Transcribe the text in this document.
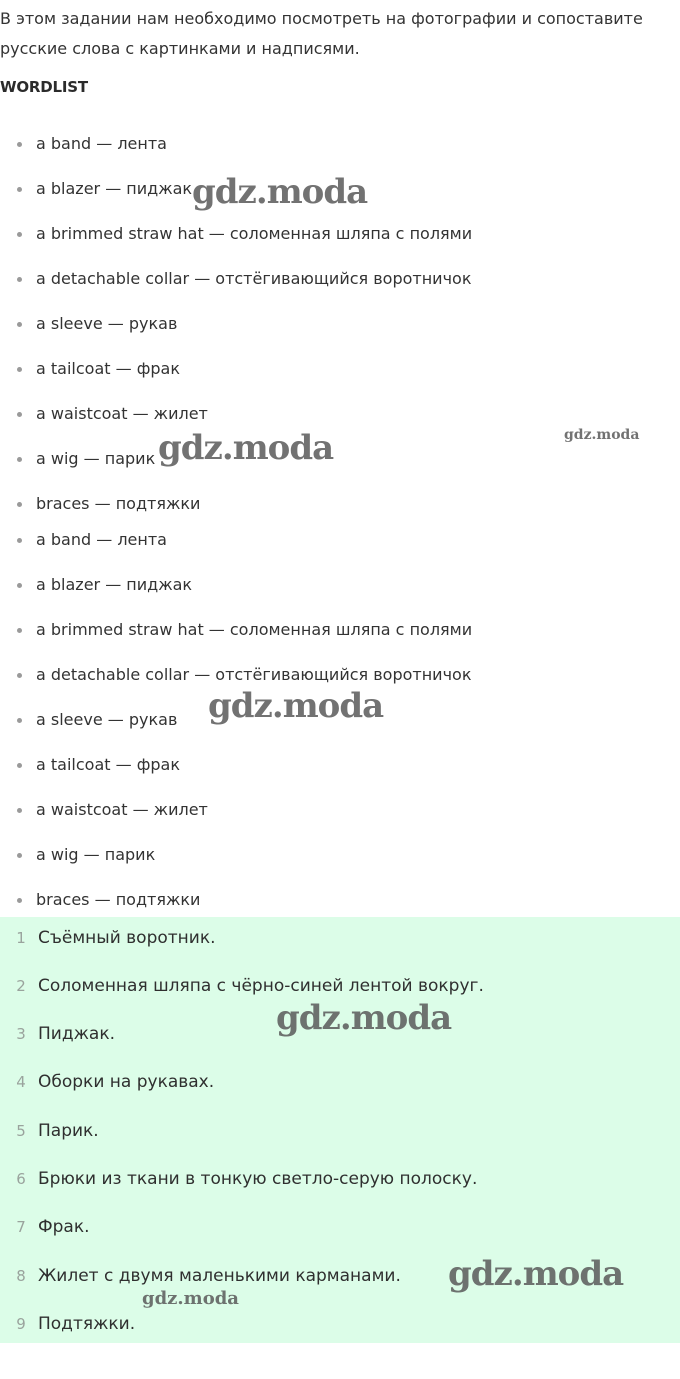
В этом задании нам необходимо посмотреть на фотографии и сопоставите русские слова с картинками и надписями.
WORDLIST
a band — лента
a blazer — пиджак
a brimmed straw hat — соломенная шляпа с полями
a detachable collar — отстёгивающийся воротничок
a sleeve — рукав
a tailcoat — фрак
a waistcoat — жилет
a wig — парик
braces — подтяжки
a band — лента
a blazer — пиджак
a brimmed straw hat — соломенная шляпа с полями
a detachable collar — отстёгивающийся воротничок
a sleeve — рукав
a tailcoat — фрак
a waistcoat — жилет
a wig — парик
braces — подтяжки
1 Съёмный воротник.
2 Соломенная шляпа с чёрно-синей лентой вокруг.
3 Пиджак.
4 Оборки на рукавах.
5 Парик.
6 Брюки из ткани в тонкую светло-серую полоску.
7 Фрак.
8 Жилет с двумя маленькими карманами.
9 Подтяжки.
gdz.moda
gdz.moda
gdz.moda
gdz.moda
gdz.moda
gdz.moda
gdz.moda
